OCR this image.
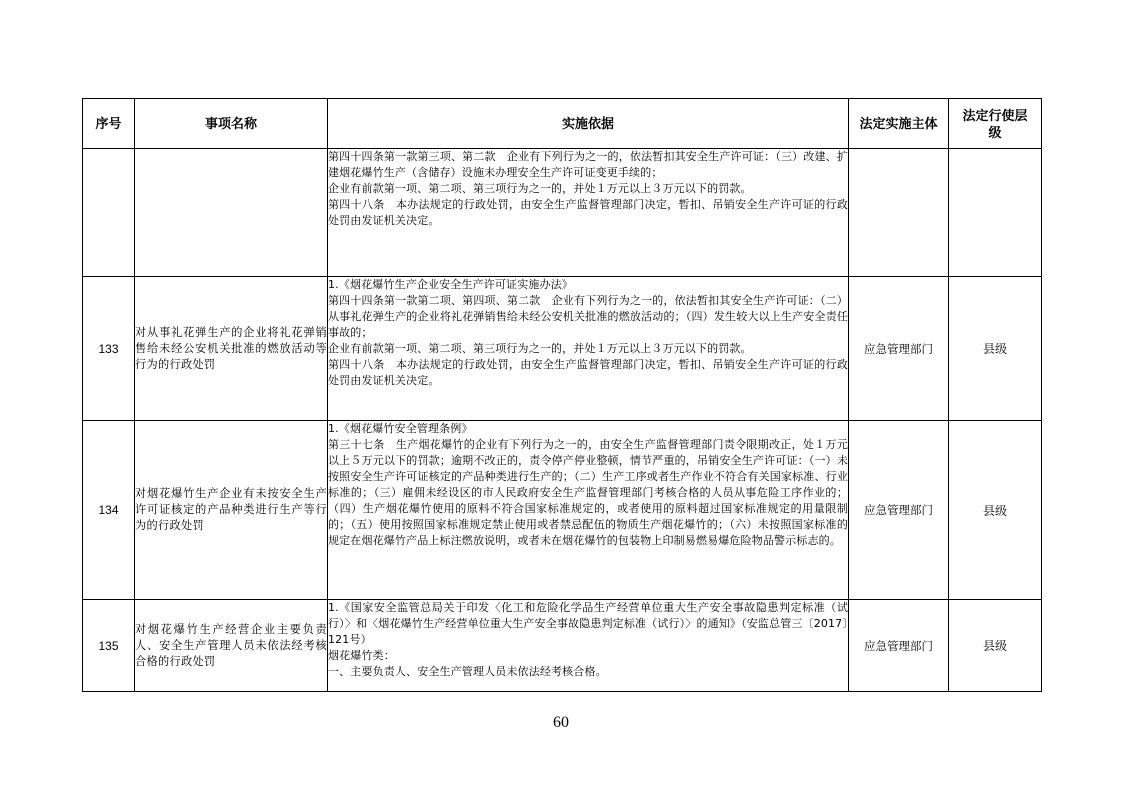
序号	事项名称	实施依据	法定实施主体	法定行使层级

		第四十四条第一款第三项、第二款　企业有下列行为之一的，依法暂扣其安全生产许可证：（三）改建、扩建烟花爆竹生产（含储存）设施未办理安全生产许可证变更手续的；

企业有前款第一项、第二项、第三项行为之一的，并处１万元以上３万元以下的罚款。

第四十八条　本办法规定的行政处罚，由安全生产监督管理部门决定，暂扣、吊销安全生产许可证的行政处罚由发证机关决定。		

133	对从事礼花弹生产的企业将礼花弹销售给未经公安机关批准的燃放活动等行为的行政处罚	1.《烟花爆竹生产企业安全生产许可证实施办法》

第四十四条第一款第二项、第四项、第二款　企业有下列行为之一的，依法暂扣其安全生产许可证：（二）从事礼花弹生产的企业将礼花弹销售给未经公安机关批准的燃放活动的；（四）发生较大以上生产安全责任事故的；

企业有前款第一项、第二项、第三项行为之一的，并处１万元以上３万元以下的罚款。

第四十八条　本办法规定的行政处罚，由安全生产监督管理部门决定，暂扣、吊销安全生产许可证的行政处罚由发证机关决定。	应急管理部门	县级
134	对烟花爆竹生产企业有未按安全生产许可证核定的产品种类进行生产等行为的行政处罚	1.《烟花爆竹安全管理条例》

第三十七条　生产烟花爆竹的企业有下列行为之一的，由安全生产监督管理部门责令限期改正，处１万元以上５万元以下的罚款；逾期不改正的，责令停产停业整顿，情节严重的，吊销安全生产许可证：（一）未按照安全生产许可证核定的产品种类进行生产的；（二）生产工序或者生产作业不符合有关国家标准、行业标准的；（三）雇佣未经设区的市人民政府安全生产监督管理部门考核合格的人员从事危险工序作业的；（四）生产烟花爆竹使用的原料不符合国家标准规定的，或者使用的原料超过国家标准规定的用量限制的；（五）使用按照国家标准规定禁止使用或者禁忌配伍的物质生产烟花爆竹的；（六）未按照国家标准的规定在烟花爆竹产品上标注燃放说明，或者未在烟花爆竹的包装物上印制易燃易爆危险物品警示标志的。	应急管理部门	县级
135	对烟花爆竹生产经营企业主要负责人、安全生产管理人员未依法经考核合格的行政处罚	1.《国家安全监管总局关于印发〈化工和危险化学品生产经营单位重大生产安全事故隐患判定标准（试行）〉和〈烟花爆竹生产经营单位重大生产安全事故隐患判定标准（试行）〉的通知》（安监总管三〔2017〕121号）

烟花爆竹类：

一、主要负责人、安全生产管理人员未依法经考核合格。	应急管理部门	县级
60
